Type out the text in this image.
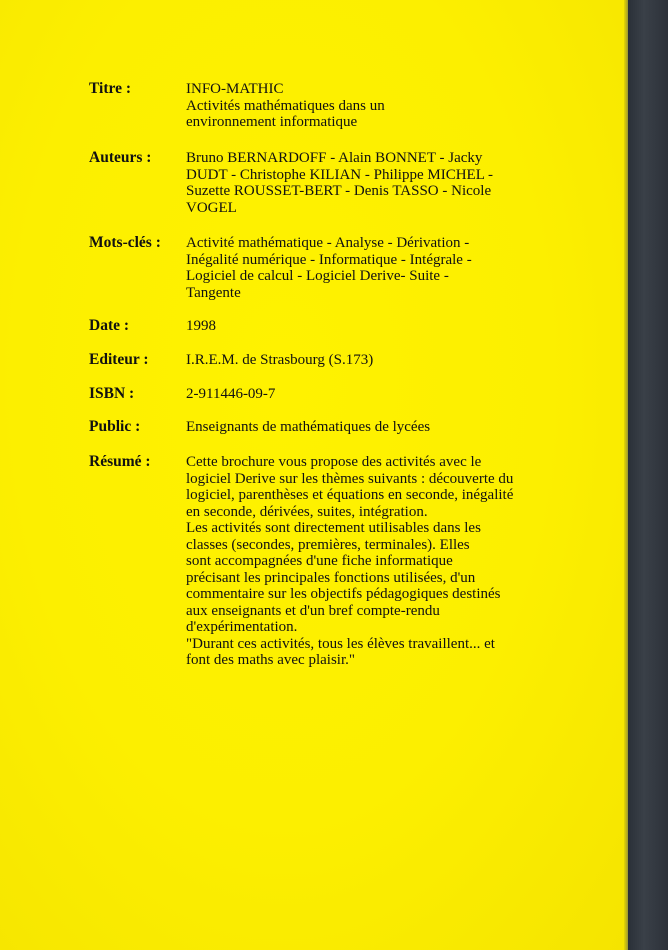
Titre :	INFO-MATHIC
Activités mathématiques dans un
environnement informatique
Auteurs : Bruno BERNARDOFF - Alain BONNET - Jacky
DUDT - Christophe KILIAN - Philippe MICHEL -
Suzette ROUSSET-BERT - Denis TASSO - Nicole
VOGEL
Mots-clés : Activité mathématique - Analyse - Dérivation -
Inégalité numérique - Informatique - Intégrale -
Logiciel de calcul - Logiciel Derive- Suite -
Tangente
Date :	1998
Editeur : I.R.E.M. de Strasbourg (S.173)
ISBN :	2-911446-09-7
Public :	Enseignants de mathématiques de lycées
Résumé : Cette brochure vous propose des activités avec le
logiciel Derive sur les thèmes suivants : découverte du
logiciel, parenthèses et équations en seconde, inégalité
en seconde, dérivées, suites, intégration.
Les activités sont directement utilisables dans les
classes (secondes, premières, terminales). Elles
sont accompagnées d'une fiche informatique
précisant les principales fonctions utilisées, d'un
commentaire sur les objectifs pédagogiques destinés
aux enseignants et d'un bref compte-rendu
d'expérimentation.
"Durant ces activités, tous les élèves travaillent... et
font des maths avec plaisir."
